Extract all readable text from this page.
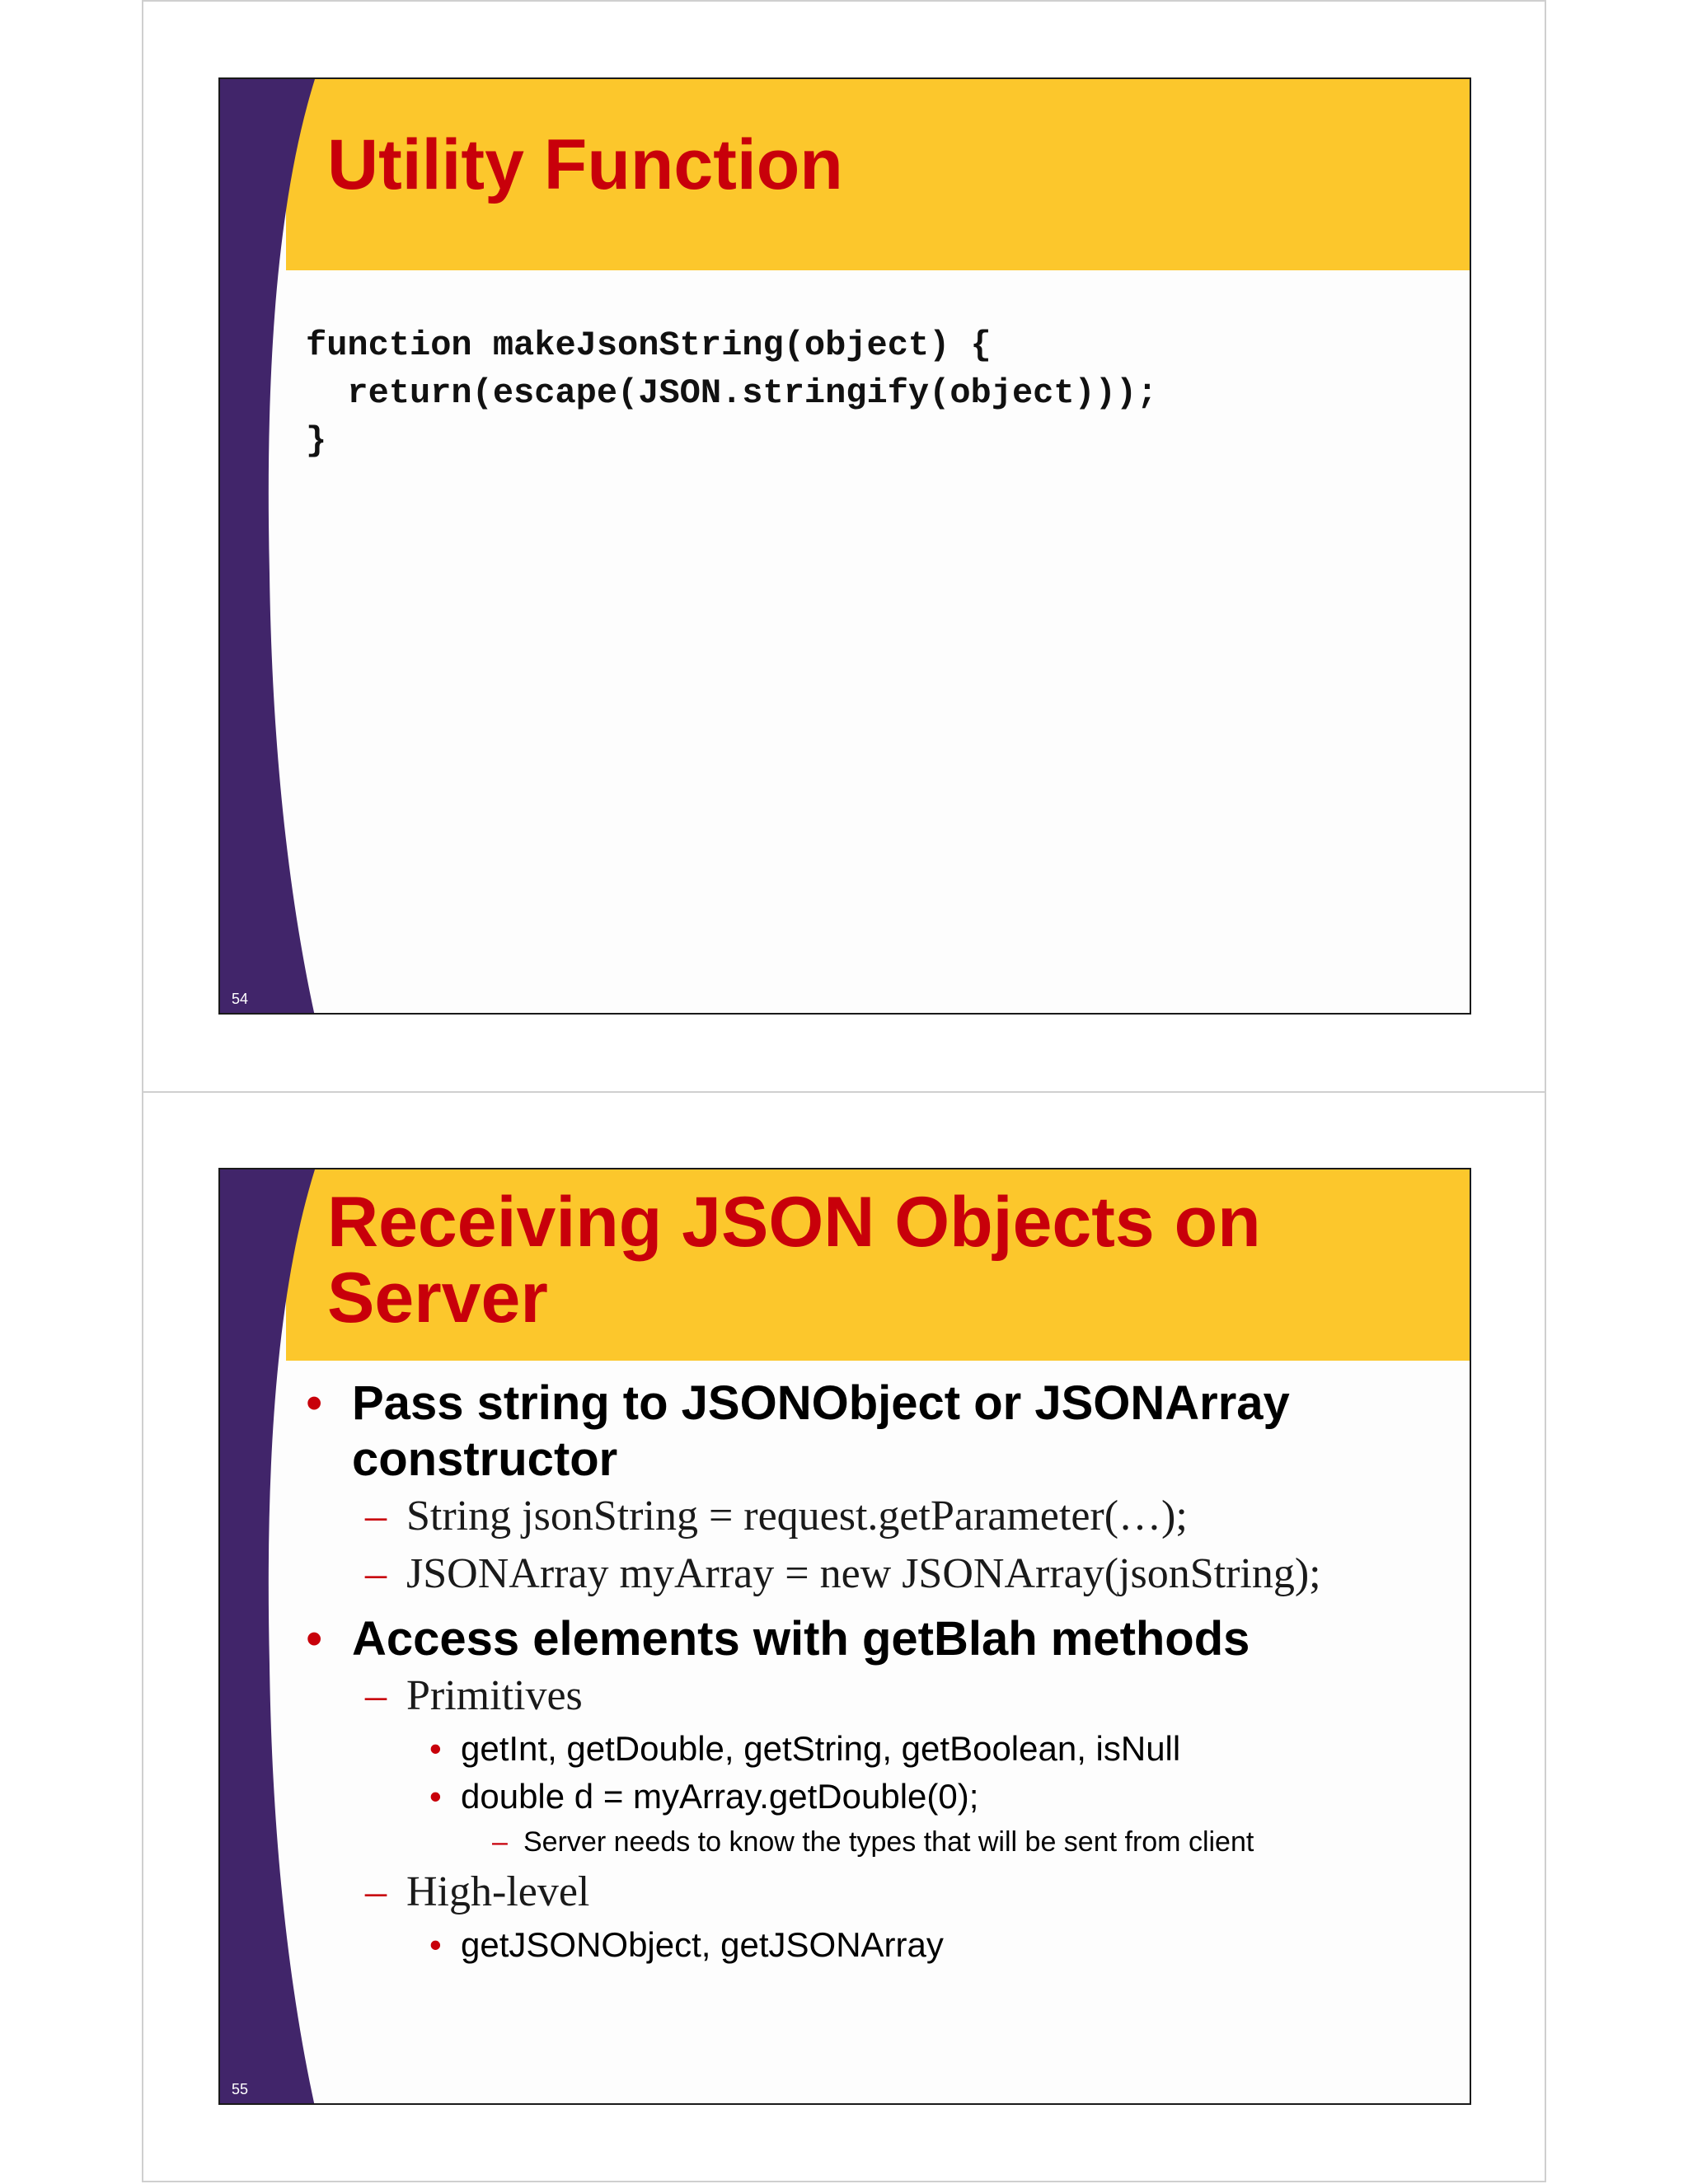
Utility Function
function makeJsonString(object) {
return(escape(JSON.stringify(object)));
}
54
Receiving JSON Objects on
Server
• Pass string to JSONObject or JSONArray constructor
– String jsonString = request.getParameter(…);
– JSONArray myArray = new JSONArray(jsonString);
• Access elements with getBlah methods
– Primitives
• getInt, getDouble, getString, getBoolean, isNull
• double d = myArray.getDouble(0);
– Server needs to know the types that will be sent from client
– High-level
• getJSONObject, getJSONArray
55
